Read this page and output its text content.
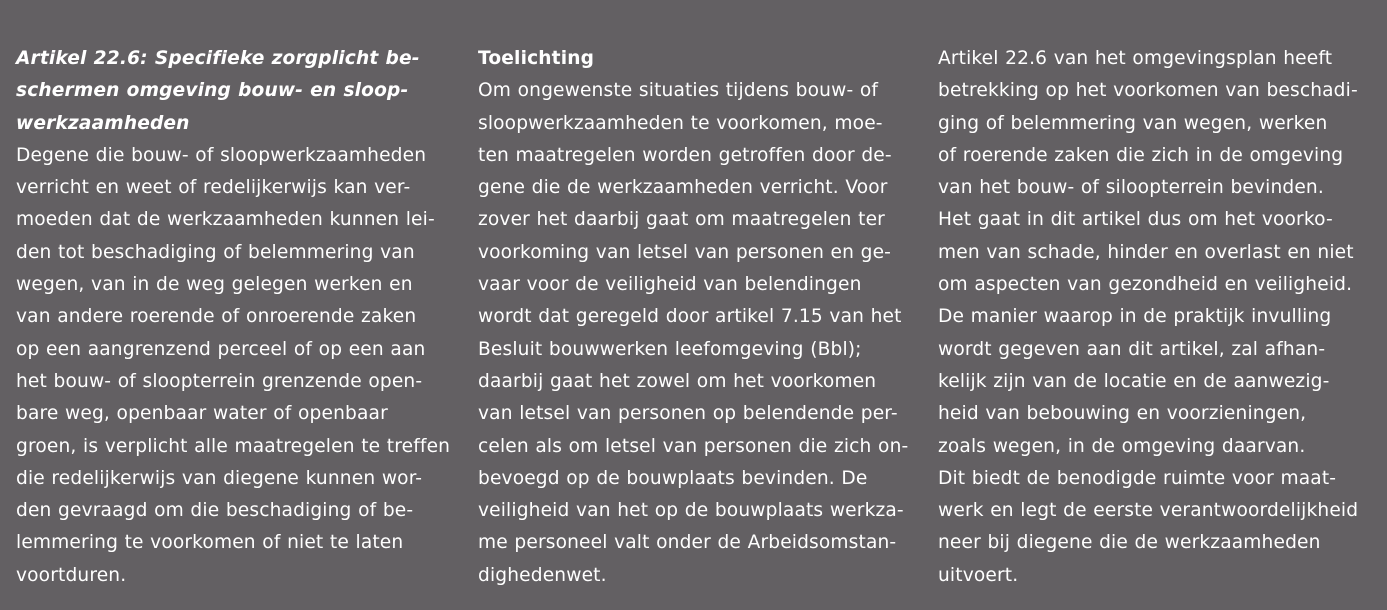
Artikel 22.6: Specifieke zorgplicht be-
schermen omgeving bouw- en sloop-
werkzaamheden
Degene die bouw- of sloopwerkzaamheden
verricht en weet of redelijkerwijs kan ver-
moeden dat de werkzaamheden kunnen lei-
den tot beschadiging of belemmering van
wegen, van in de weg gelegen werken en
van andere roerende of onroerende zaken
op een aangrenzend perceel of op een aan
het bouw- of sloopterrein grenzende open-
bare weg, openbaar water of openbaar
groen, is verplicht alle maatregelen te treffen
die redelijkerwijs van diegene kunnen wor-
den gevraagd om die beschadiging of be-
lemmering te voorkomen of niet te laten
voortduren.
Toelichting
Om ongewenste situaties tijdens bouw- of
sloopwerkzaamheden te voorkomen, moe-
ten maatregelen worden getroffen door de-
gene die de werkzaamheden verricht. Voor
zover het daarbij gaat om maatregelen ter
voorkoming van letsel van personen en ge-
vaar voor de veiligheid van belendingen
wordt dat geregeld door artikel 7.15 van het
Besluit bouwwerken leefomgeving (Bbl);
daarbij gaat het zowel om het voorkomen
van letsel van personen op belendende per-
celen als om letsel van personen die zich on-
bevoegd op de bouwplaats bevinden. De
veiligheid van het op de bouwplaats werkza-
me personeel valt onder de Arbeidsomstan-
dighedenwet.
Artikel 22.6 van het omgevingsplan heeft
betrekking op het voorkomen van beschadi-
ging of belemmering van wegen, werken
of roerende zaken die zich in de omgeving
van het bouw- of siloopterrein bevinden.
Het gaat in dit artikel dus om het voorko-
men van schade, hinder en overlast en niet
om aspecten van gezondheid en veiligheid.
De manier waarop in de praktijk invulling
wordt gegeven aan dit artikel, zal afhan-
kelijk zijn van de locatie en de aanwezig-
heid van bebouwing en voorzieningen,
zoals wegen, in de omgeving daarvan.
Dit biedt de benodigde ruimte voor maat-
werk en legt de eerste verantwoordelijkheid
neer bij diegene die de werkzaamheden
uitvoert.
